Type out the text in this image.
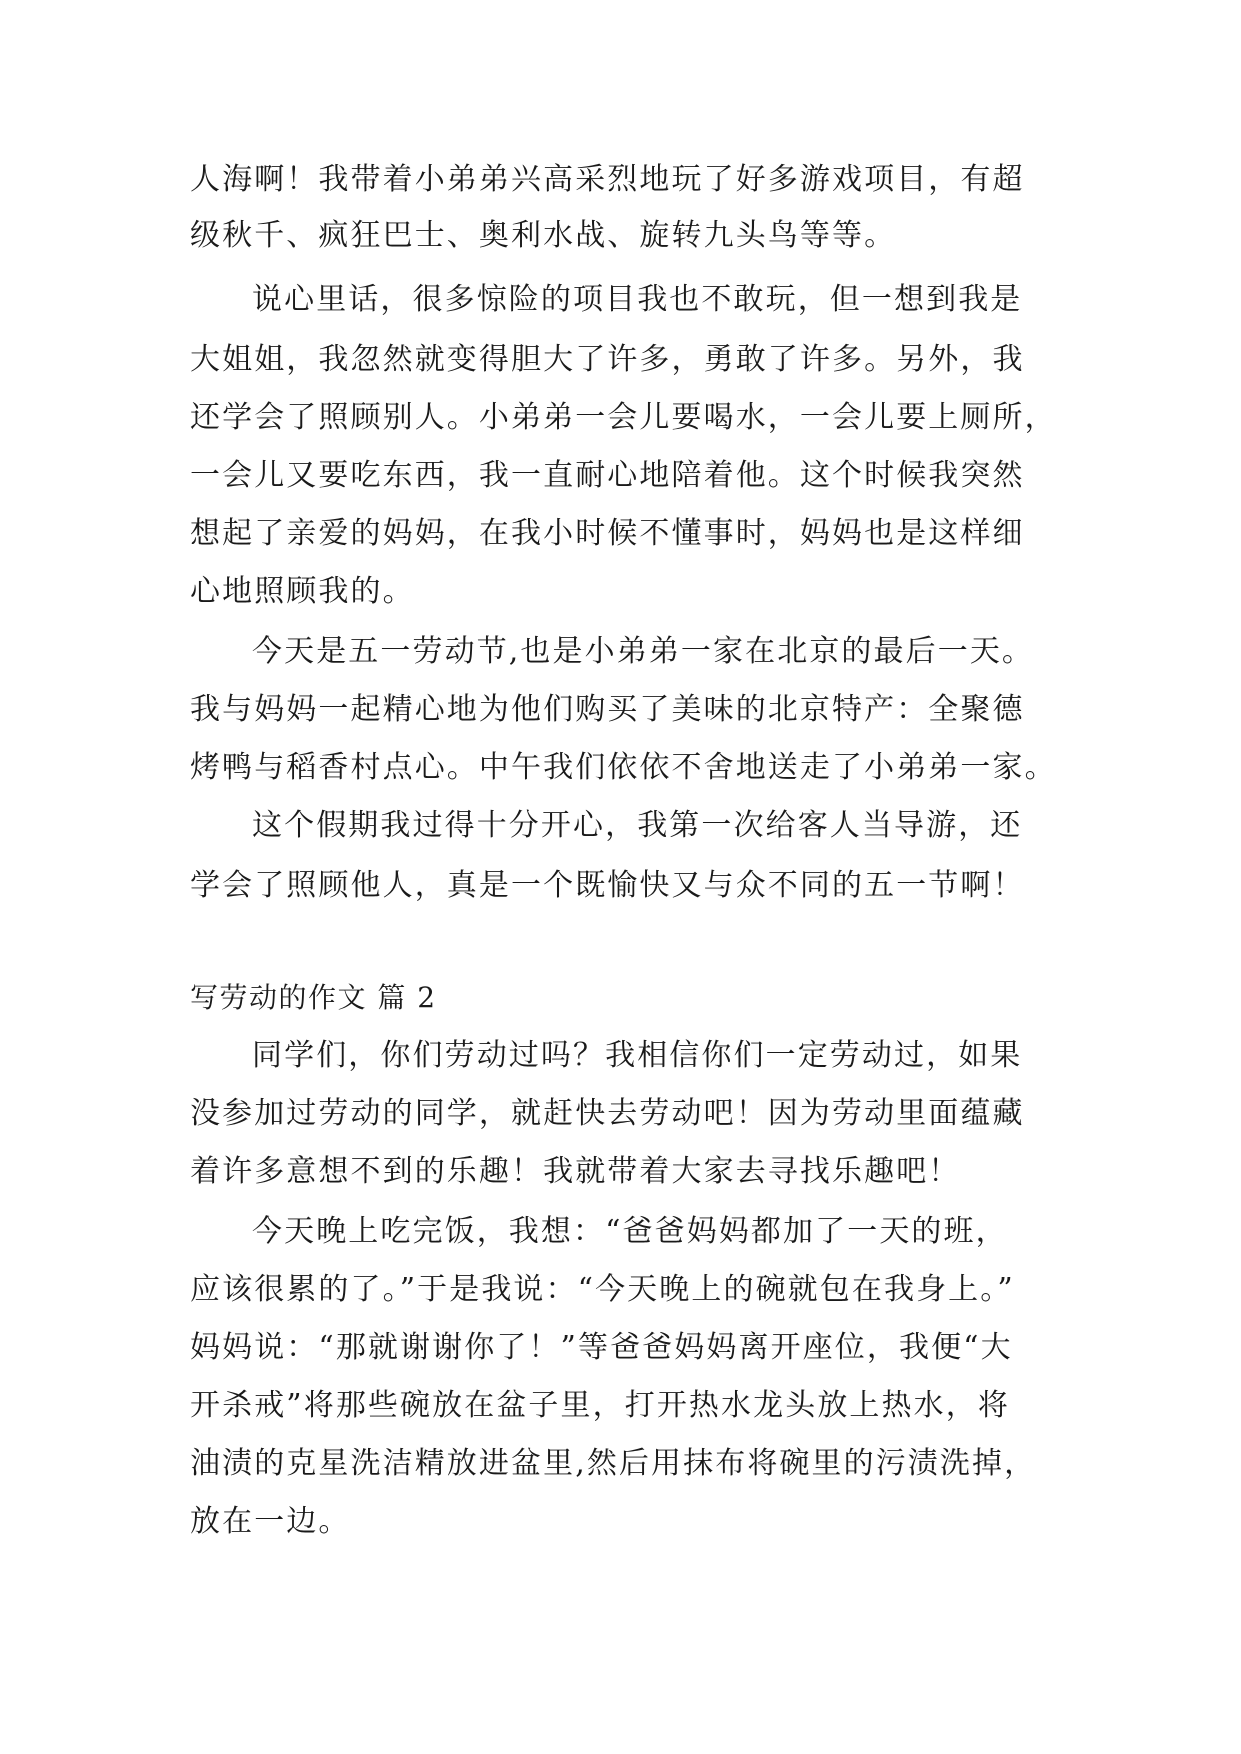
人海啊！我带着小弟弟兴高采烈地玩了好多游戏项目，有超
级秋千、疯狂巴士、奥利水战、旋转九头鸟等等。
说心里话，很多惊险的项目我也不敢玩，但一想到我是
大姐姐，我忽然就变得胆大了许多，勇敢了许多。另外，我
还学会了照顾别人。小弟弟一会儿要喝水，一会儿要上厕所，
一会儿又要吃东西，我一直耐心地陪着他。这个时候我突然
想起了亲爱的妈妈，在我小时候不懂事时，妈妈也是这样细
心地照顾我的。
今天是五一劳动节,也是小弟弟一家在北京的最后一天。
我与妈妈一起精心地为他们购买了美味的北京特产：全聚德
烤鸭与稻香村点心。中午我们依依不舍地送走了小弟弟一家。
这个假期我过得十分开心，我第一次给客人当导游，还
学会了照顾他人，真是一个既愉快又与众不同的五一节啊！
写劳动的作文 篇 2
同学们，你们劳动过吗？我相信你们一定劳动过，如果
没参加过劳动的同学，就赶快去劳动吧！因为劳动里面蕴藏
着许多意想不到的乐趣！我就带着大家去寻找乐趣吧！
今天晚上吃完饭，我想：“爸爸妈妈都加了一天的班，
应该很累的了。”于是我说：“今天晚上的碗就包在我身上。”
妈妈说：“那就谢谢你了！”等爸爸妈妈离开座位，我便“大
开杀戒”将那些碗放在盆子里，打开热水龙头放上热水，将
油渍的克星洗洁精放进盆里,然后用抹布将碗里的污渍洗掉，
放在一边。
